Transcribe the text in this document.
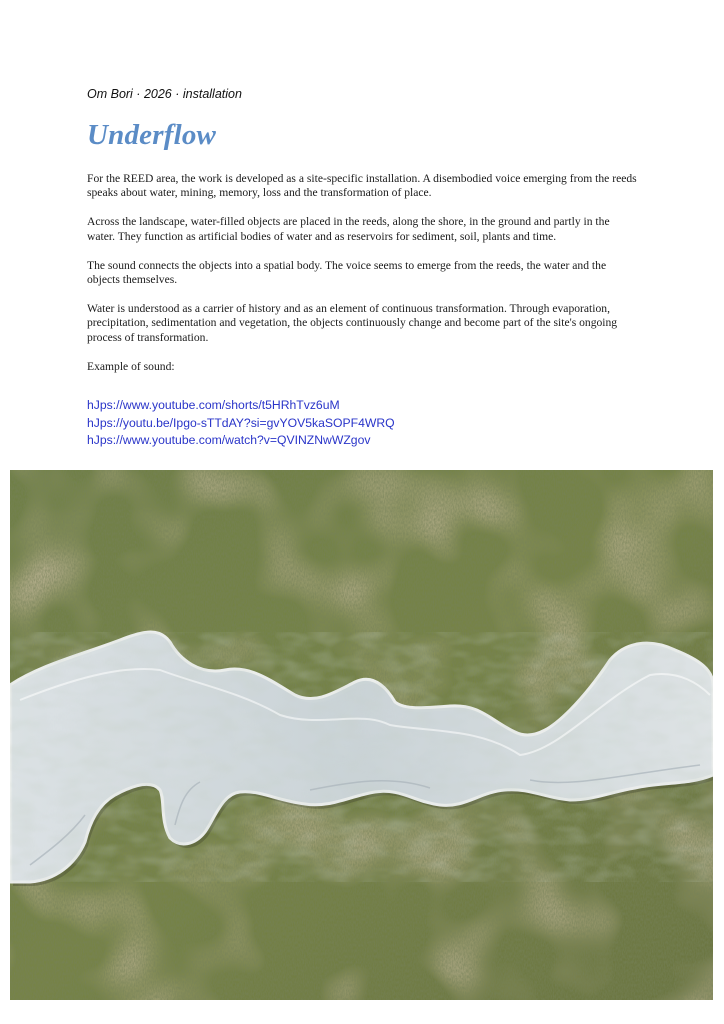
Om Bori · 2026 · installation
Underflow

For the REED area, the work is developed as a site-specific installation. A disembodied voice emerging from the reeds speaks about water, mining, memory, loss and the transformation of place.

Across the landscape, water-filled objects are placed in the reeds, along the shore, in the ground and partly in the water. They function as artificial bodies of water and as reservoirs for sediment, soil, plants and time.

The sound connects the objects into a spatial body. The voice seems to emerge from the reeds, the water and the objects themselves.

Water is understood as a carrier of history and as an element of continuous transformation. Through evaporation, precipitation, sedimentation and vegetation, the objects continuously change and become part of the site's ongoing process of transformation.

Example of sound:

hJps://www.youtube.com/shorts/t5HRhTvz6uM
hJps://youtu.be/Ipgo-sTTdAY?si=gvYOV5kaSOPF4WRQ
hJps://www.youtube.com/watch?v=QVINZNwWZgov
